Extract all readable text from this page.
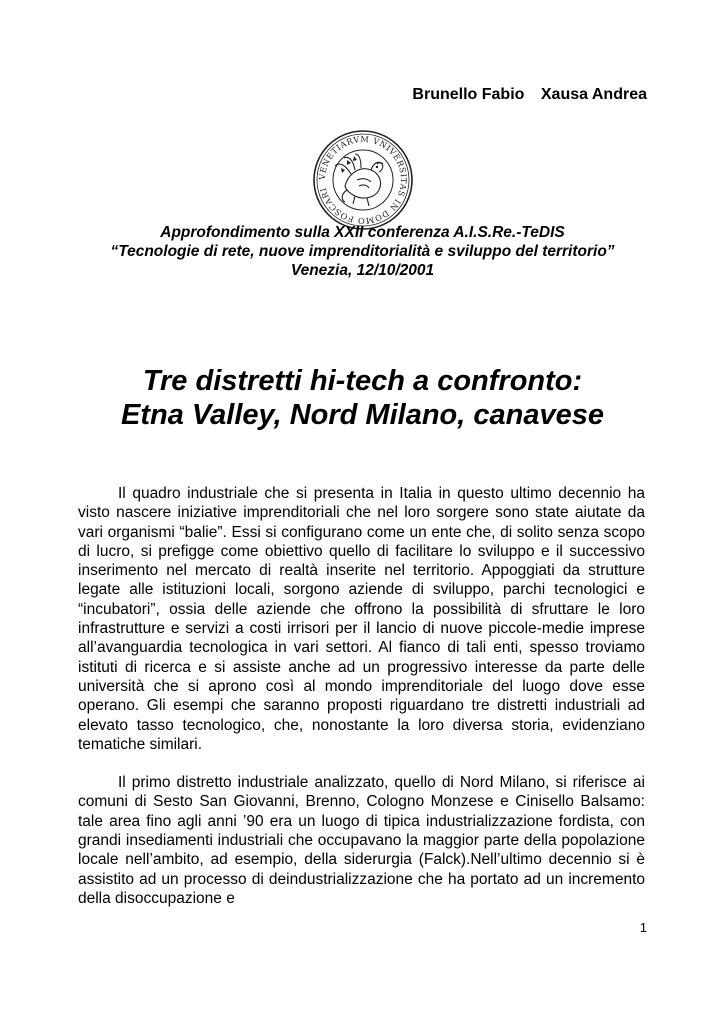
Brunello Fabio Xausa Andrea
VENETIARVM VNIVERSITAS IN DOMO FOSCARI
Approfondimento sulla XXII conferenza A.I.S.Re.-TeDIS
“Tecnologie di rete, nuove imprenditorialità e sviluppo del territorio”
Venezia, 12/10/2001
Tre distretti hi-tech a confronto:
Etna Valley, Nord Milano, canavese

Il quadro industriale che si presenta in Italia in questo ultimo decennio ha visto nascere iniziative imprenditoriali che nel loro sorgere sono state aiutate da vari organismi “balie”. Essi si configurano come un ente che, di solito senza scopo di lucro, si prefigge come obiettivo quello di facilitare lo sviluppo e il successivo inserimento nel mercato di realtà inserite nel territorio. Appoggiati da strutture legate alle istituzioni locali, sorgono aziende di sviluppo, parchi tecnologici e “incubatori”, ossia delle aziende che offrono la possibilità di sfruttare le loro infrastrutture e servizi a costi irrisori per il lancio di nuove piccole-medie imprese all’avanguardia tecnologica in vari settori. Al fianco di tali enti, spesso troviamo istituti di ricerca e si assiste anche ad un progressivo interesse da parte delle università che si aprono così al mondo imprenditoriale del luogo dove esse operano. Gli esempi che saranno proposti riguardano tre distretti industriali ad elevato tasso tecnologico, che, nonostante la loro diversa storia, evidenziano tematiche similari.

Il primo distretto industriale analizzato, quello di Nord Milano, si riferisce ai comuni di Sesto San Giovanni, Brenno, Cologno Monzese e Cinisello Balsamo: tale area fino agli anni ’90 era un luogo di tipica industrializzazione fordista, con grandi insediamenti industriali che occupavano la maggior parte della popolazione locale nell’ambito, ad esempio, della siderurgia (Falck).Nell’ultimo decennio si è assistito ad un processo di deindustrializzazione che ha portato ad un incremento della disoccupazione e

1
